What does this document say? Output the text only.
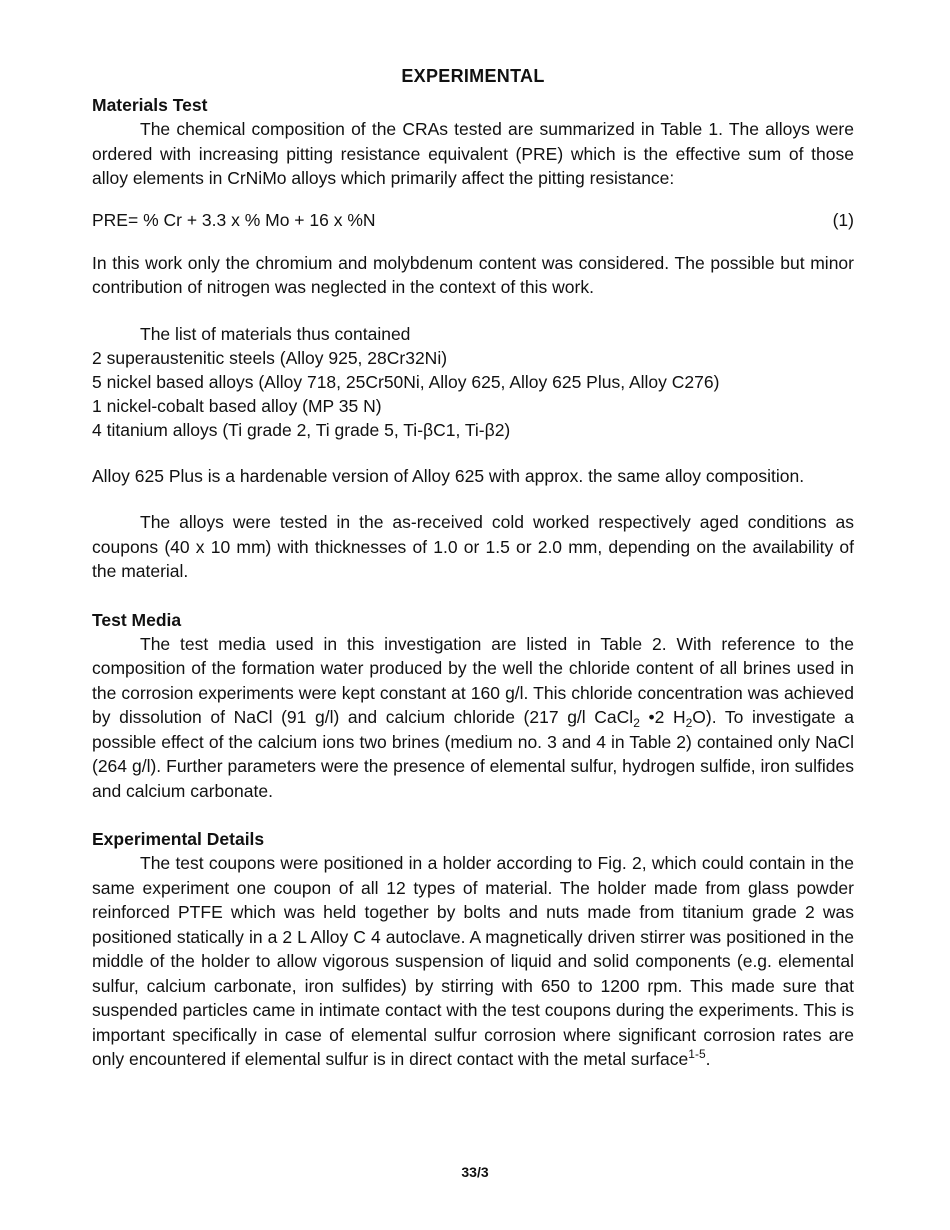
EXPERIMENTAL
Materials Test

The chemical composition of the CRAs tested are summarized in Table 1. The alloys were ordered with increasing pitting resistance equivalent (PRE) which is the effective sum of those alloy elements in CrNiMo alloys which primarily affect the pitting resistance:

PRE= % Cr + 3.3 x % Mo + 16 x %N	(1)

In this work only the chromium and molybdenum content was considered. The possible but minor contribution of nitrogen was neglected in the context of this work.

The list of materials thus contained

2 superaustenitic steels (Alloy 925, 28Cr32Ni)

5 nickel based alloys (Alloy 718, 25Cr50Ni, Alloy 625, Alloy 625 Plus, Alloy C276)

1 nickel-cobalt based alloy (MP 35 N)

4 titanium alloys (Ti grade 2, Ti grade 5, Ti-βC1, Ti-β2)

Alloy 625 Plus is a hardenable version of Alloy 625 with approx. the same alloy composition.

The alloys were tested in the as-received cold worked respectively aged conditions as coupons (40 x 10 mm) with thicknesses of 1.0 or 1.5 or 2.0 mm, depending on the availability of the material.

Test Media

The test media used in this investigation are listed in Table 2. With reference to the composition of the formation water produced by the well the chloride content of all brines used in the corrosion experiments were kept constant at 160 g/l. This chloride concentration was achieved by dissolution of NaCl (91 g/l) and calcium chloride (217 g/l CaCl$_2$ •2 $H_2O$). To investigate a possible effect of the calcium ions two brines (medium no. 3 and 4 in Table 2) contained only NaCl (264 g/l). Further parameters were the presence of elemental sulfur, hydrogen sulfide, iron sulfides and calcium carbonate.

Experimental Details

The test coupons were positioned in a holder according to Fig. 2, which could contain in the same experiment one coupon of all 12 types of material. The holder made from glass powder reinforced PTFE which was held together by bolts and nuts made from titanium grade 2 was positioned statically in a 2 L Alloy C 4 autoclave. A magnetically driven stirrer was positioned in the middle of the holder to allow vigorous suspension of liquid and solid components (e.g. elemental sulfur, calcium carbonate, iron sulfides) by stirring with 650 to 1200 rpm. This made sure that suspended particles came in intimate contact with the test coupons during the experiments. This is important specifically in case of elemental sulfur corrosion where significant corrosion rates are only encountered if elemental sulfur is in direct contact with the metal surface$^{1-5}$.

33/3
